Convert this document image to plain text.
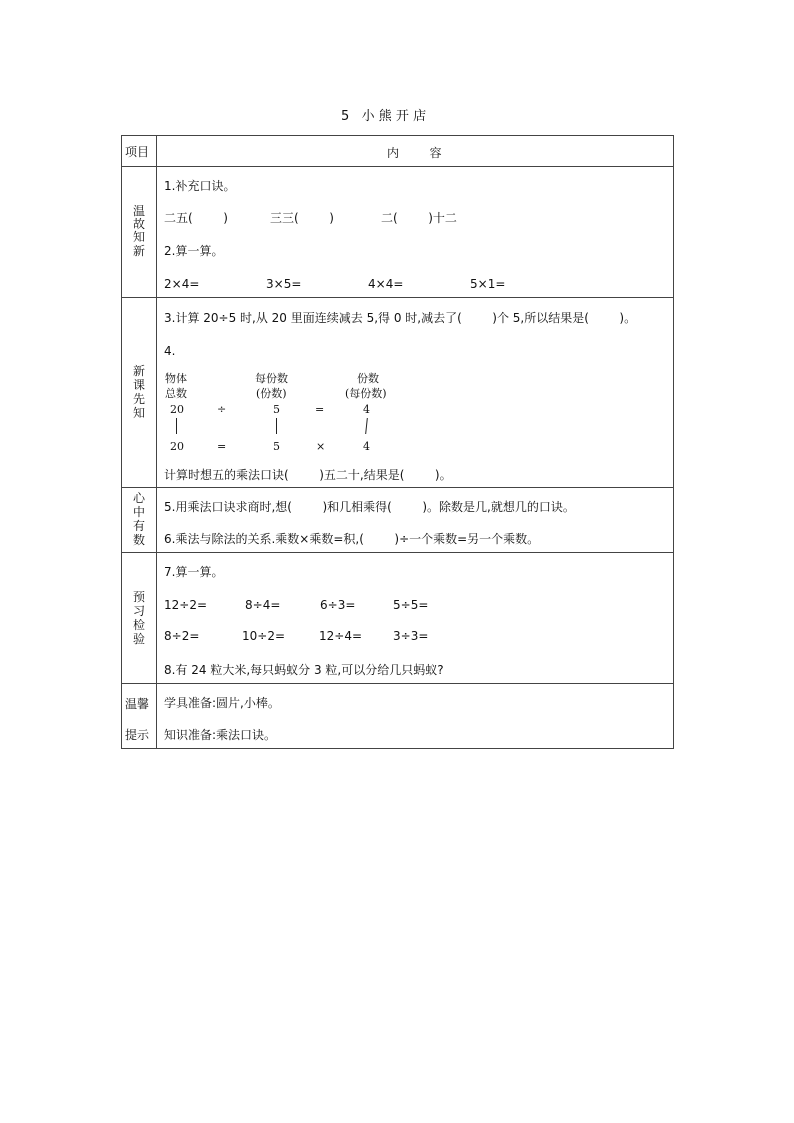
5   小 熊 开 店
项目	内        容
温
故
知
新
1.补充口诀。
二五(        )	三三(        )	二(        )十二
2.算一算。
2×4=	3×5=	4×4=	5×1=
新
课
先
知
3.计算 20÷5 时,从 20 里面连续减去 5,得 0 时,减去了(        )个 5,所以结果是(        )。
4.
物体
总数
每份数
(份数)
份数
(每份数)
20	÷	5	=	4
20	=	5	×	4
计算时想五的乘法口诀(        )五二十,结果是(        )。
心
中
有
数
5.用乘法口诀求商时,想(        )和几相乘得(        )。除数是几,就想几的口诀。
6.乘法与除法的关系.乘数×乘数=积,(        )÷一个乘数=另一个乘数。
预
习
检
验
7.算一算。
12÷2=	8÷4=	6÷3=	5÷5=
8÷2=	10÷2=	12÷4=	3÷3=
8.有 24 粒大米,每只蚂蚁分 3 粒,可以分给几只蚂蚁?
温馨
提示
学具准备:圆片,小棒。
知识准备:乘法口诀。
